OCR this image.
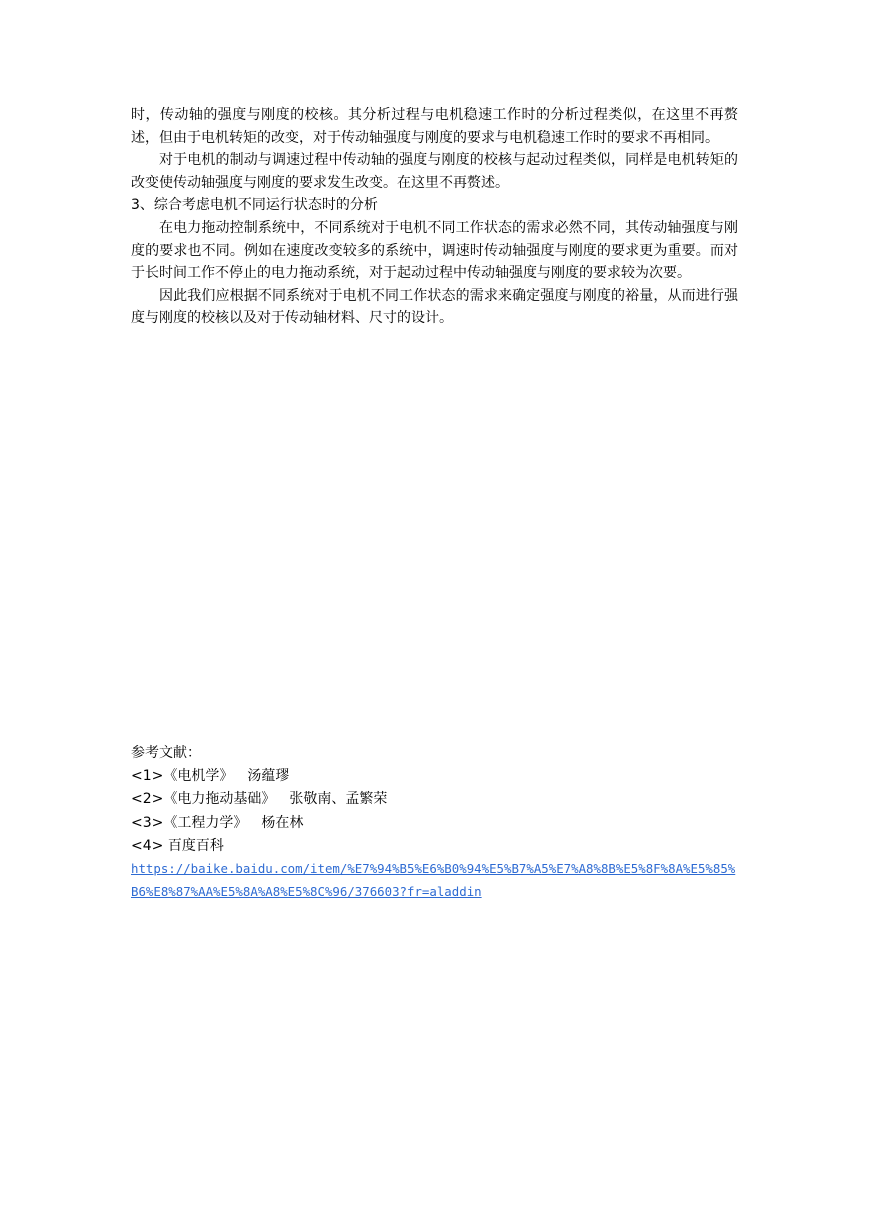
时，传动轴的强度与刚度的校核。其分析过程与电机稳速工作时的分析过程类似，在这里不再赘述，但由于电机转矩的改变，对于传动轴强度与刚度的要求与电机稳速工作时的要求不再相同。

对于电机的制动与调速过程中传动轴的强度与刚度的校核与起动过程类似，同样是电机转矩的改变使传动轴强度与刚度的要求发生改变。在这里不再赘述。

3、综合考虑电机不同运行状态时的分析

在电力拖动控制系统中，不同系统对于电机不同工作状态的需求必然不同，其传动轴强度与刚度的要求也不同。例如在速度改变较多的系统中，调速时传动轴强度与刚度的要求更为重要。而对于长时间工作不停止的电力拖动系统，对于起动过程中传动轴强度与刚度的要求较为次要。

因此我们应根据不同系统对于电机不同工作状态的需求来确定强度与刚度的裕量，从而进行强度与刚度的校核以及对于传动轴材料、尺寸的设计。

参考文献：

<1>《电机学》 汤蕴璆

<2>《电力拖动基础》 张敬南、孟繁荣

<3>《工程力学》 杨在林

<4> 百度百科

https://baike.baidu.com/item/%E7%94%B5%E6%B0%94%E5%B7%A5%E7%A8%8B%E5%8F%8A%E5%85%B6%E8%87%AA%E5%8A%A8%E5%8C%96/376603?fr=aladdin
